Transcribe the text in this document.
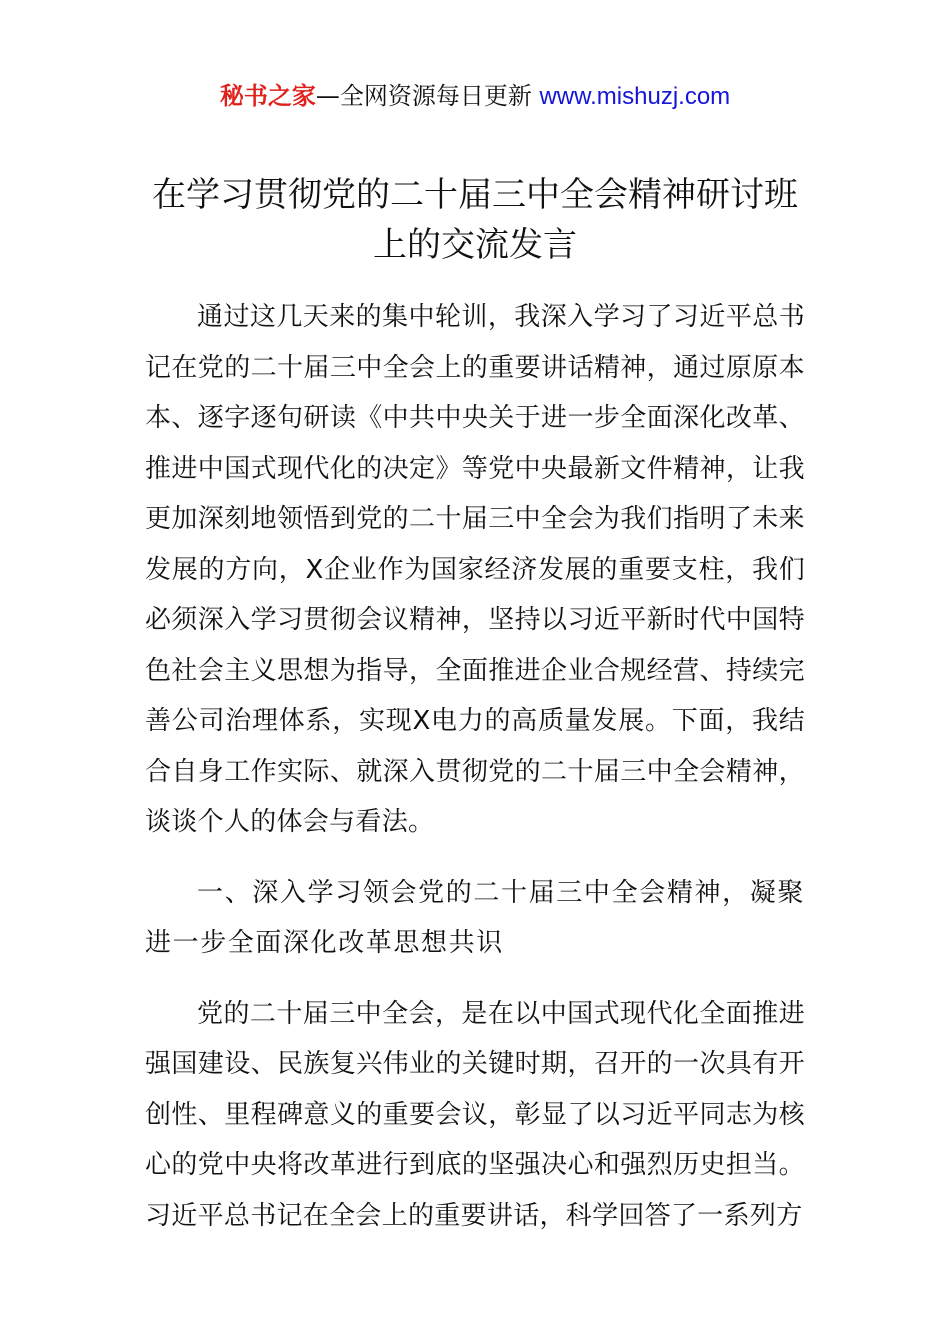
秘书之家—全网资源每日更新 www.mishuzj.com
在学习贯彻党的二十届三中全会精神研讨班上的交流发言

通过这几天来的集中轮训，我深入学习了习近平总书记在党的二十届三中全会上的重要讲话精神，通过原原本本、逐字逐句研读《中共中央关于进一步全面深化改革、推进中国式现代化的决定》等党中央最新文件精神，让我更加深刻地领悟到党的二十届三中全会为我们指明了未来发展的方向，X企业作为国家经济发展的重要支柱，我们必须深入学习贯彻会议精神，坚持以习近平新时代中国特色社会主义思想为指导，全面推进企业合规经营、持续完善公司治理体系，实现X电力的高质量发展。下面，我结合自身工作实际、就深入贯彻党的二十届三中全会精神，谈谈个人的体会与看法。

一、深入学习领会党的二十届三中全会精神，凝聚进一步全面深化改革思想共识

党的二十届三中全会，是在以中国式现代化全面推进强国建设、民族复兴伟业的关键时期，召开的一次具有开创性、里程碑意义的重要会议，彰显了以习近平同志为核心的党中央将改革进行到底的坚强决心和强烈历史担当。习近平总书记在全会上的重要讲话，科学回答了一系列方
